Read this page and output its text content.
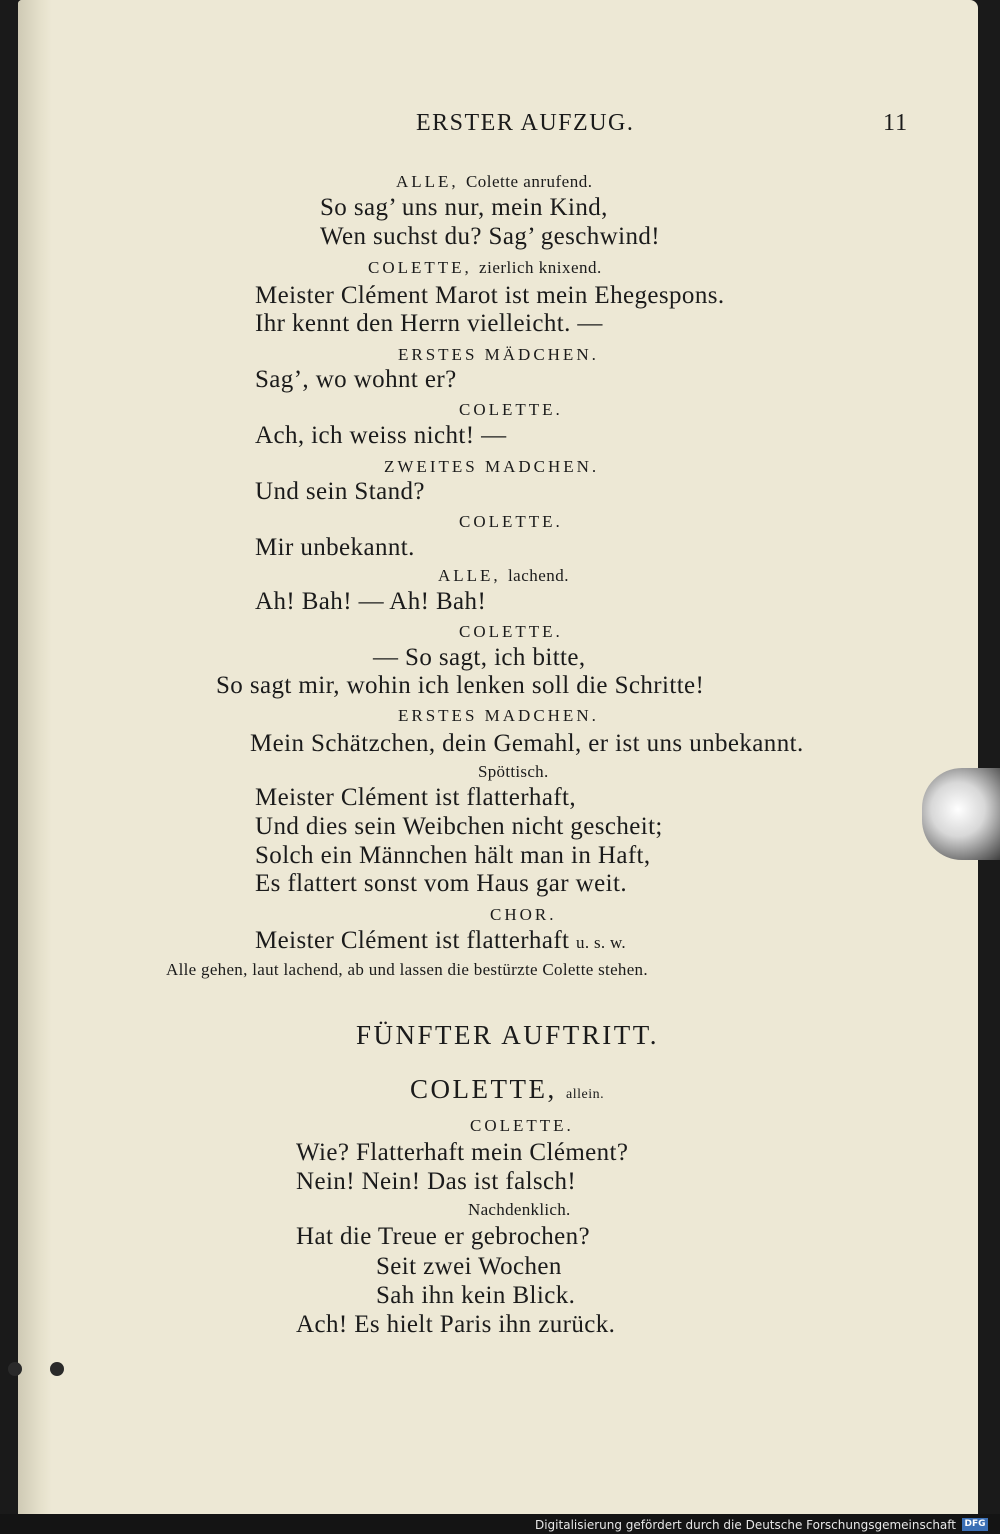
ERSTER AUFZUG.	11

ALLE, Colette anrufend.

So sag’ uns nur, mein Kind,

Wen suchst du? Sag’ geschwind!

COLETTE, zierlich knixend.

Meister Clément Marot ist mein Ehegespons.

Ihr kennt den Herrn vielleicht. —

ERSTES MÄDCHEN.

Sag’, wo wohnt er?

COLETTE.

Ach, ich weiss nicht! —

ZWEITES MADCHEN.

Und sein Stand?

COLETTE.

Mir unbekannt.

ALLE, lachend.

Ah! Bah! — Ah! Bah!

COLETTE.

— So sagt, ich bitte,

So sagt mir, wohin ich lenken soll die Schritte!

ERSTES MADCHEN.

Mein Schätzchen, dein Gemahl, er ist uns unbekannt.

Spöttisch.

Meister Clément ist flatterhaft,

Und dies sein Weibchen nicht gescheit;

Solch ein Männchen hält man in Haft,

Es flattert sonst vom Haus gar weit.

CHOR.

Meister Clément ist flatterhaft u. s. w.

Alle gehen, laut lachend, ab und lassen die bestürzte Colette stehen.

FÜNFTER AUFTRITT.

COLETTE, allein.

COLETTE.

Wie? Flatterhaft mein Clément?

Nein! Nein! Das ist falsch!

Nachdenklich.

Hat die Treue er gebrochen?

Seit zwei Wochen

Sah ihn kein Blick.

Ach! Es hielt Paris ihn zurück.

Digitalisierung gefördert durch die Deutsche Forschungsgemeinschaft DFG
